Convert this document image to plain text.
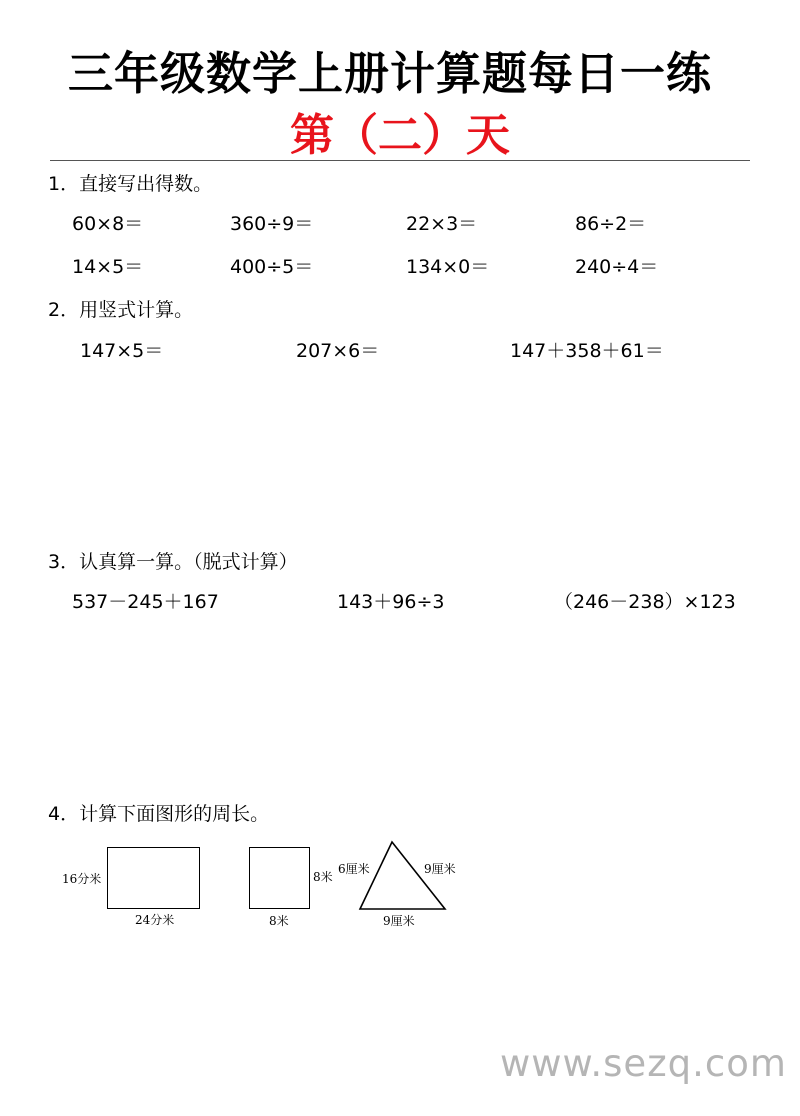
三年级数学上册计算题每日一练
第（二）天
1．直接写出得数。
60×8＝	360÷9＝	22×3＝	86÷2＝
14×5＝	400÷5＝	134×0＝	240÷4＝
2．用竖式计算。
147×5＝	207×6＝	147＋358＋61＝
3．认真算一算。（脱式计算）
537－245＋167	143＋96÷3	（246－238）×123
4．计算下面图形的周长。
16分米
24分米
8米
8米
6厘米	9厘米
9厘米
www.sezq.com
